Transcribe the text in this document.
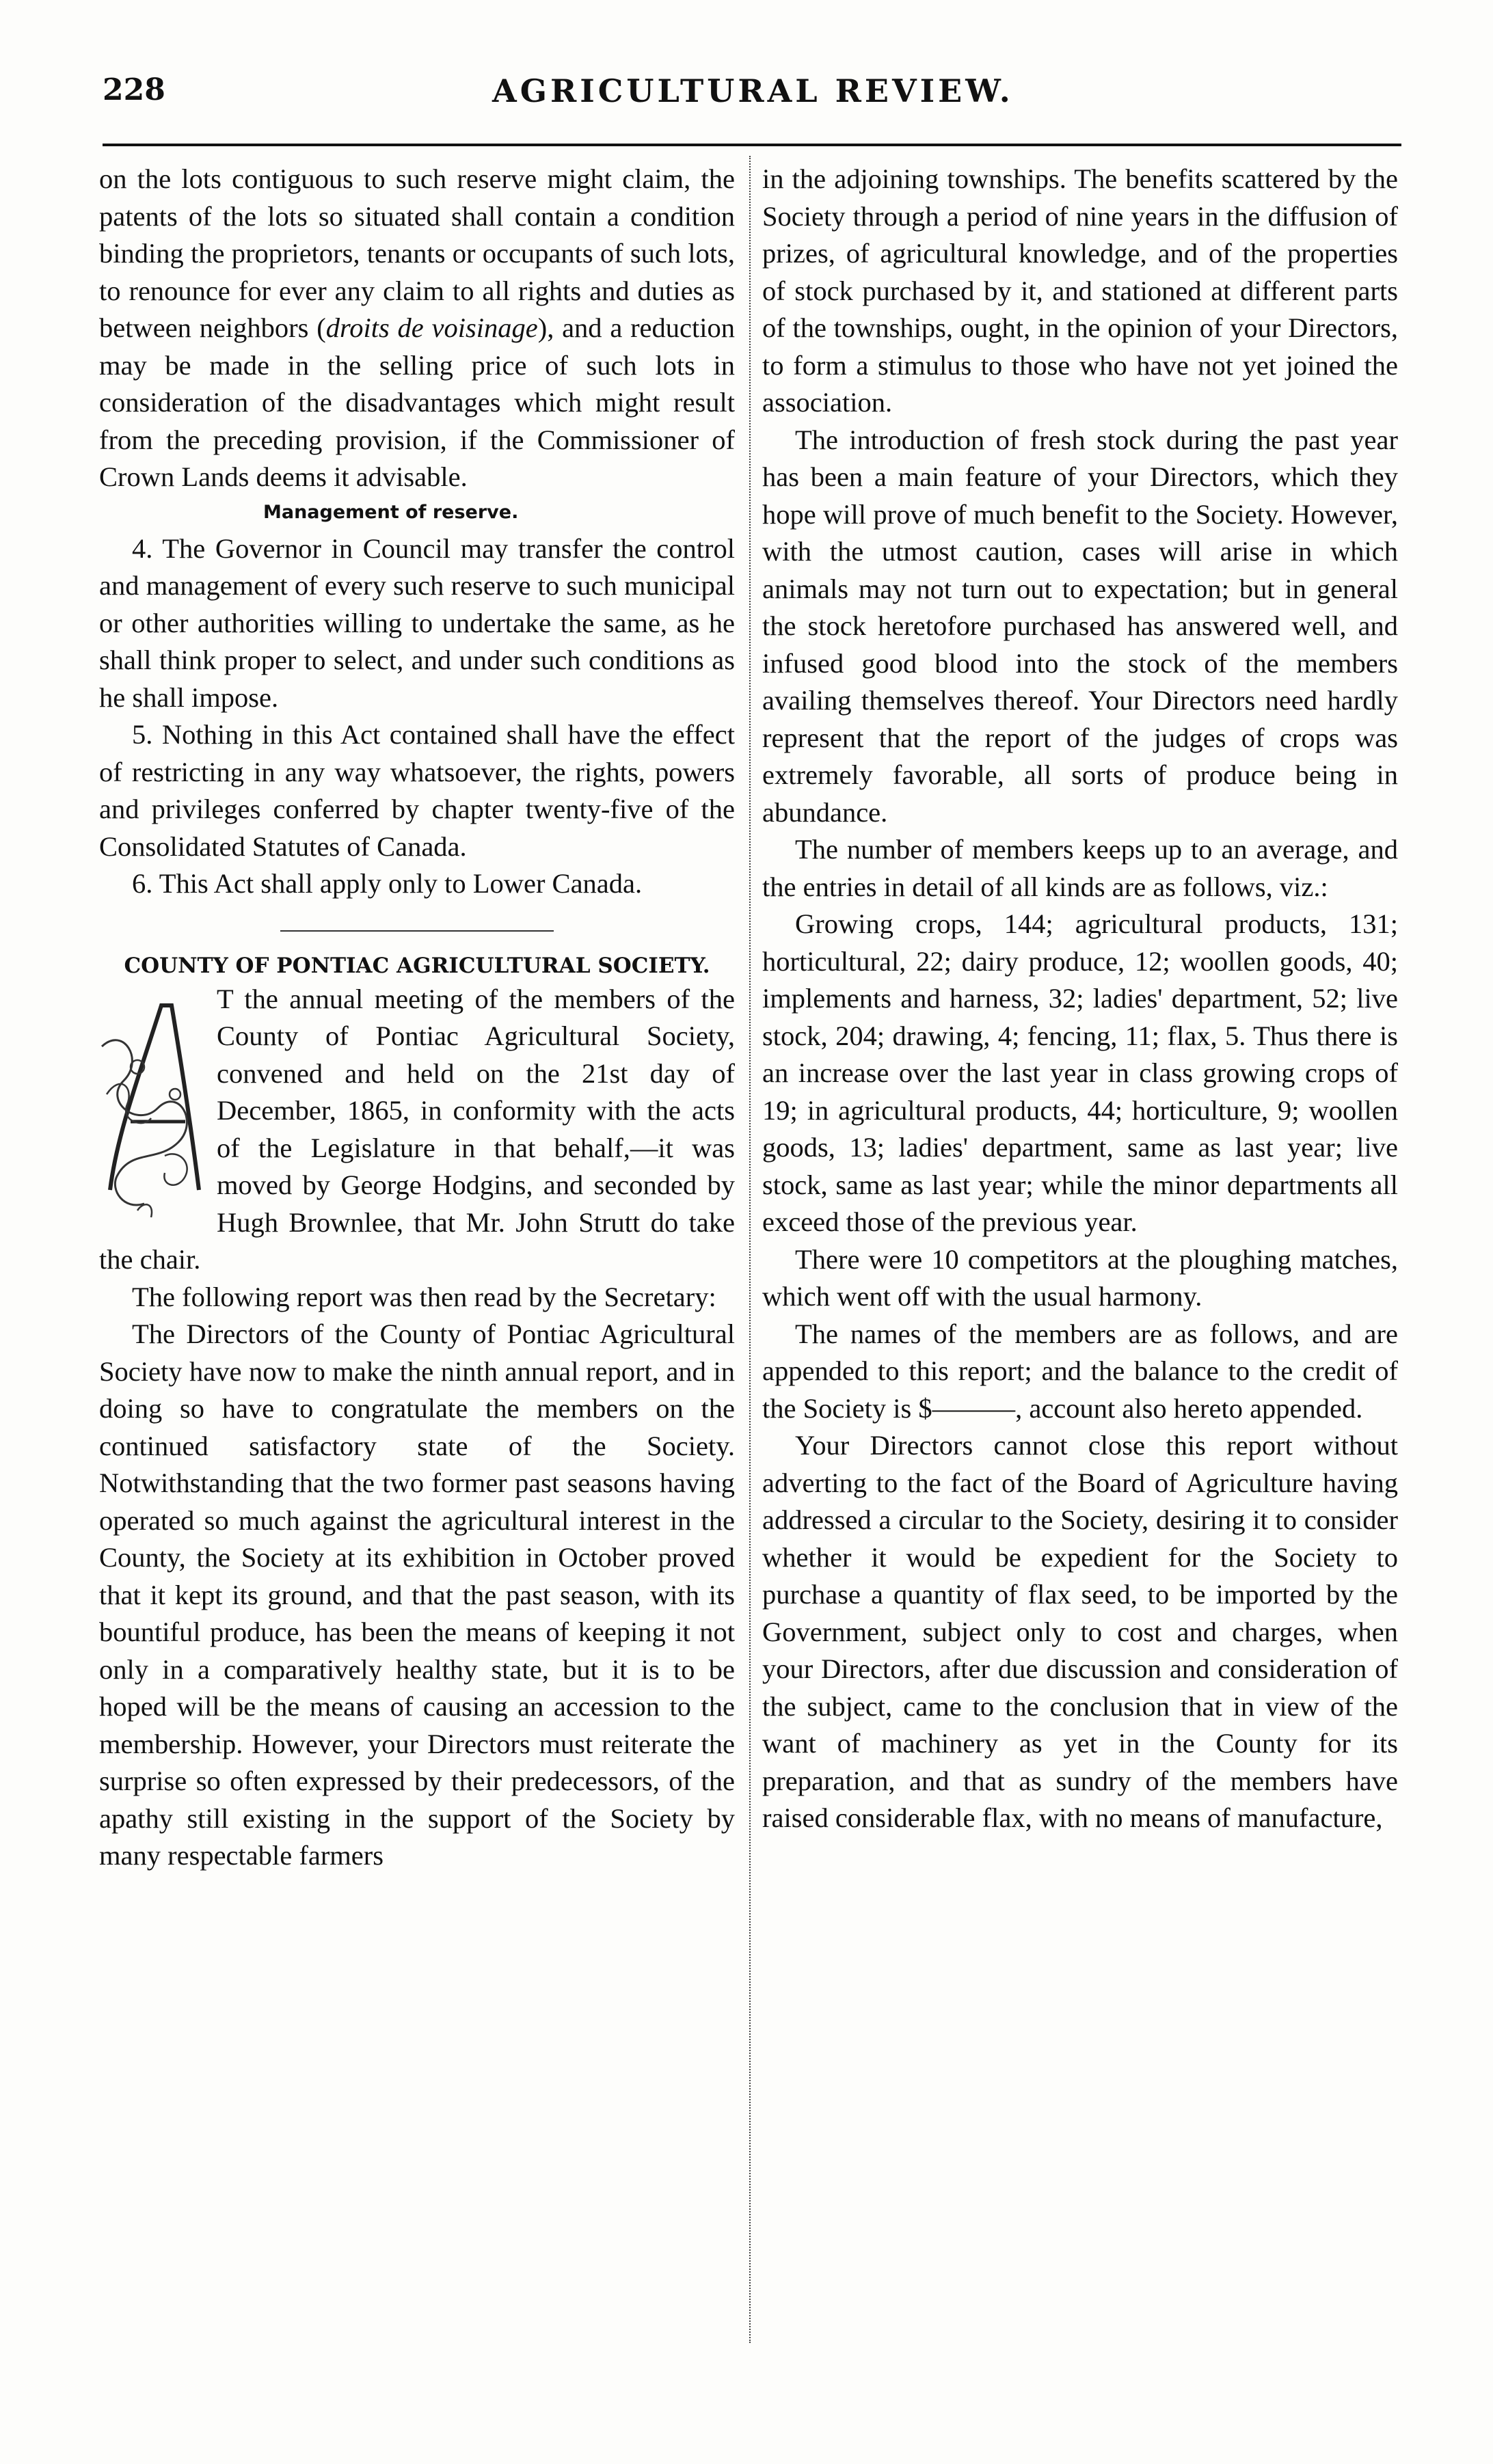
228	AGRICULTURAL REVIEW.

on the lots contiguous to such reserve might claim, the patents of the lots so situated shall contain a condition binding the proprietors, tenants or occupants of such lots, to renounce for ever any claim to all rights and duties as between neighbors (droits de voisinage), and a reduction may be made in the selling price of such lots in consideration of the disadvantages which might result from the preceding provision, if the Commissioner of Crown Lands deems it advisable.

Management of reserve.

4. The Governor in Council may transfer the control and management of every such reserve to such municipal or other authorities willing to undertake the same, as he shall think proper to select, and under such conditions as he shall impose.

5. Nothing in this Act contained shall have the effect of restricting in any way whatsoever, the rights, powers and privileges conferred by chapter twenty-five of the Consolidated Statutes of Canada.

6. This Act shall apply only to Lower Canada.

COUNTY OF PONTIAC AGRICULTURAL SOCIETY.

T the annual meeting of the members of the County of Pontiac Agricultural Society, convened and held on the 21st day of December, 1865, in conformity with the acts of the Legislature in that behalf,—it was moved by George Hodgins, and seconded by Hugh Brownlee, that Mr. John Strutt do take the chair.

The following report was then read by the Secretary:

The Directors of the County of Pontiac Agricultural Society have now to make the ninth annual report, and in doing so have to congratulate the members on the continued satisfactory state of the Society. Notwithstanding that the two former past seasons having operated so much against the agricultural interest in the County, the Society at its exhibition in October proved that it kept its ground, and that the past season, with its bountiful produce, has been the means of keeping it not only in a comparatively healthy state, but it is to be hoped will be the means of causing an accession to the membership. However, your Directors must reiterate the surprise so often expressed by their predecessors, of the apathy still existing in the support of the Society by many respectable farmers

in the adjoining townships. The benefits scattered by the Society through a period of nine years in the diffusion of prizes, of agricultural knowledge, and of the properties of stock purchased by it, and stationed at different parts of the townships, ought, in the opinion of your Directors, to form a stimulus to those who have not yet joined the association.

The introduction of fresh stock during the past year has been a main feature of your Directors, which they hope will prove of much benefit to the Society. However, with the utmost caution, cases will arise in which animals may not turn out to expectation; but in general the stock heretofore purchased has answered well, and infused good blood into the stock of the members availing themselves thereof. Your Directors need hardly represent that the report of the judges of crops was extremely favorable, all sorts of produce being in abundance.

The number of members keeps up to an average, and the entries in detail of all kinds are as follows, viz.:

Growing crops, 144; agricultural products, 131; horticultural, 22; dairy produce, 12; woollen goods, 40; implements and harness, 32; ladies' department, 52; live stock, 204; drawing, 4; fencing, 11; flax, 5. Thus there is an increase over the last year in class growing crops of 19; in agricultural products, 44; horticulture, 9; woollen goods, 13; ladies' department, same as last year; live stock, same as last year; while the minor departments all exceed those of the previous year.

There were 10 competitors at the ploughing matches, which went off with the usual harmony.

The names of the members are as follows, and are appended to this report; and the balance to the credit of the Society is $———, account also hereto appended.

Your Directors cannot close this report without adverting to the fact of the Board of Agriculture having addressed a circular to the Society, desiring it to consider whether it would be expedient for the Society to purchase a quantity of flax seed, to be imported by the Government, subject only to cost and charges, when your Directors, after due discussion and consideration of the subject, came to the conclusion that in view of the want of machinery as yet in the County for its preparation, and that as sundry of the members have raised considerable flax, with no means of manufacture,
